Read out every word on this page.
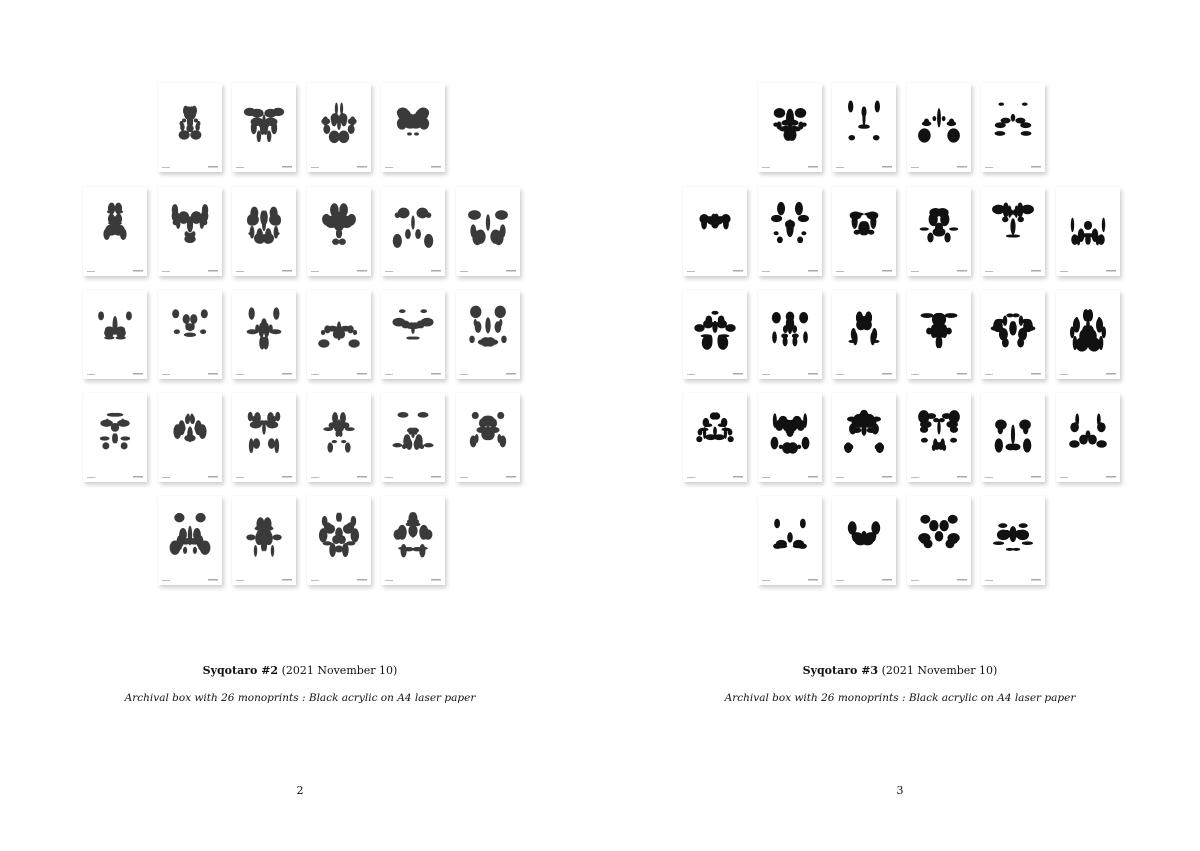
Syqotaro #2 (2021 November 10)
Archival box with 26 monoprints : Black acrylic on A4 laser paper
2
Syqotaro #3 (2021 November 10)
Archival box with 26 monoprints : Black acrylic on A4 laser paper
3
